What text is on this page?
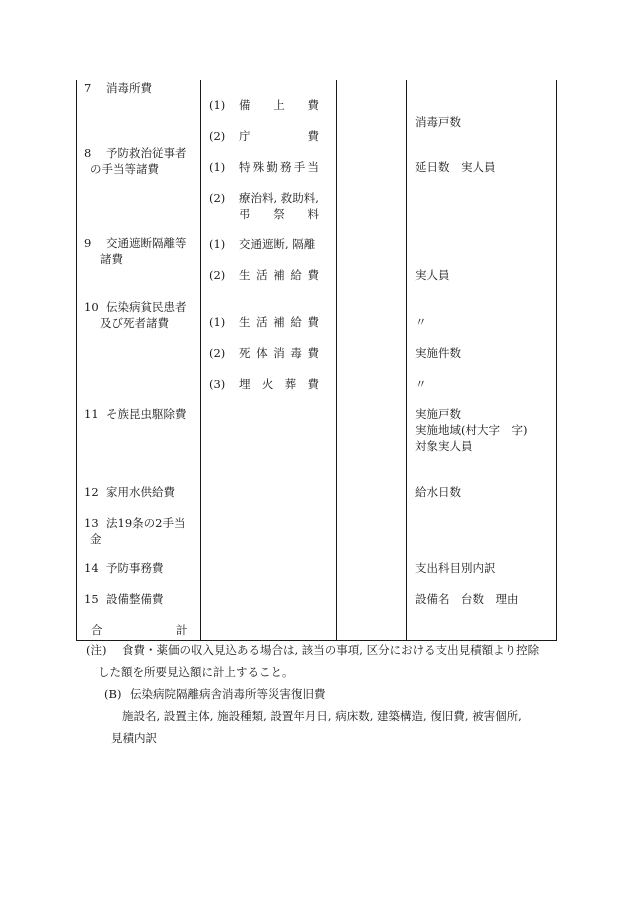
7 消毒所費
8 予防救治従事者
の手当等諸費
9 交通遮断隔離等
諸費
10 伝染病貧民患者
及び死者諸費
11 そ族昆虫駆除費
12 家用水供給費
13 法19条の2手当
金
14 予防事務費
15 設備整備費
合	計
(1) 備上費
(2) 庁費
(1) 特殊勤務手当
(2) 療治料, 救助料,
弔祭料
(1) 交通遮断, 隔離
(2) 生活補給費
(1) 生活補給費
(2) 死体消毒費
(3) 埋火葬費
消毒戸数
延日数　実人員
実人員
〃
実施件数
〃
実施戸数
実施地域(村大字　字)
対象実人員
給水日数
支出科目別内訳
設備名　台数　理由
(注) 食費・薬価の収入見込ある場合は, 該当の事項, 区分における支出見積額より控除
した額を所要見込額に計上すること。
(B) 伝染病院隔離病舎消毒所等災害復旧費
施設名, 設置主体, 施設種類, 設置年月日, 病床数, 建築構造, 復旧費, 被害個所,
見積内訳
